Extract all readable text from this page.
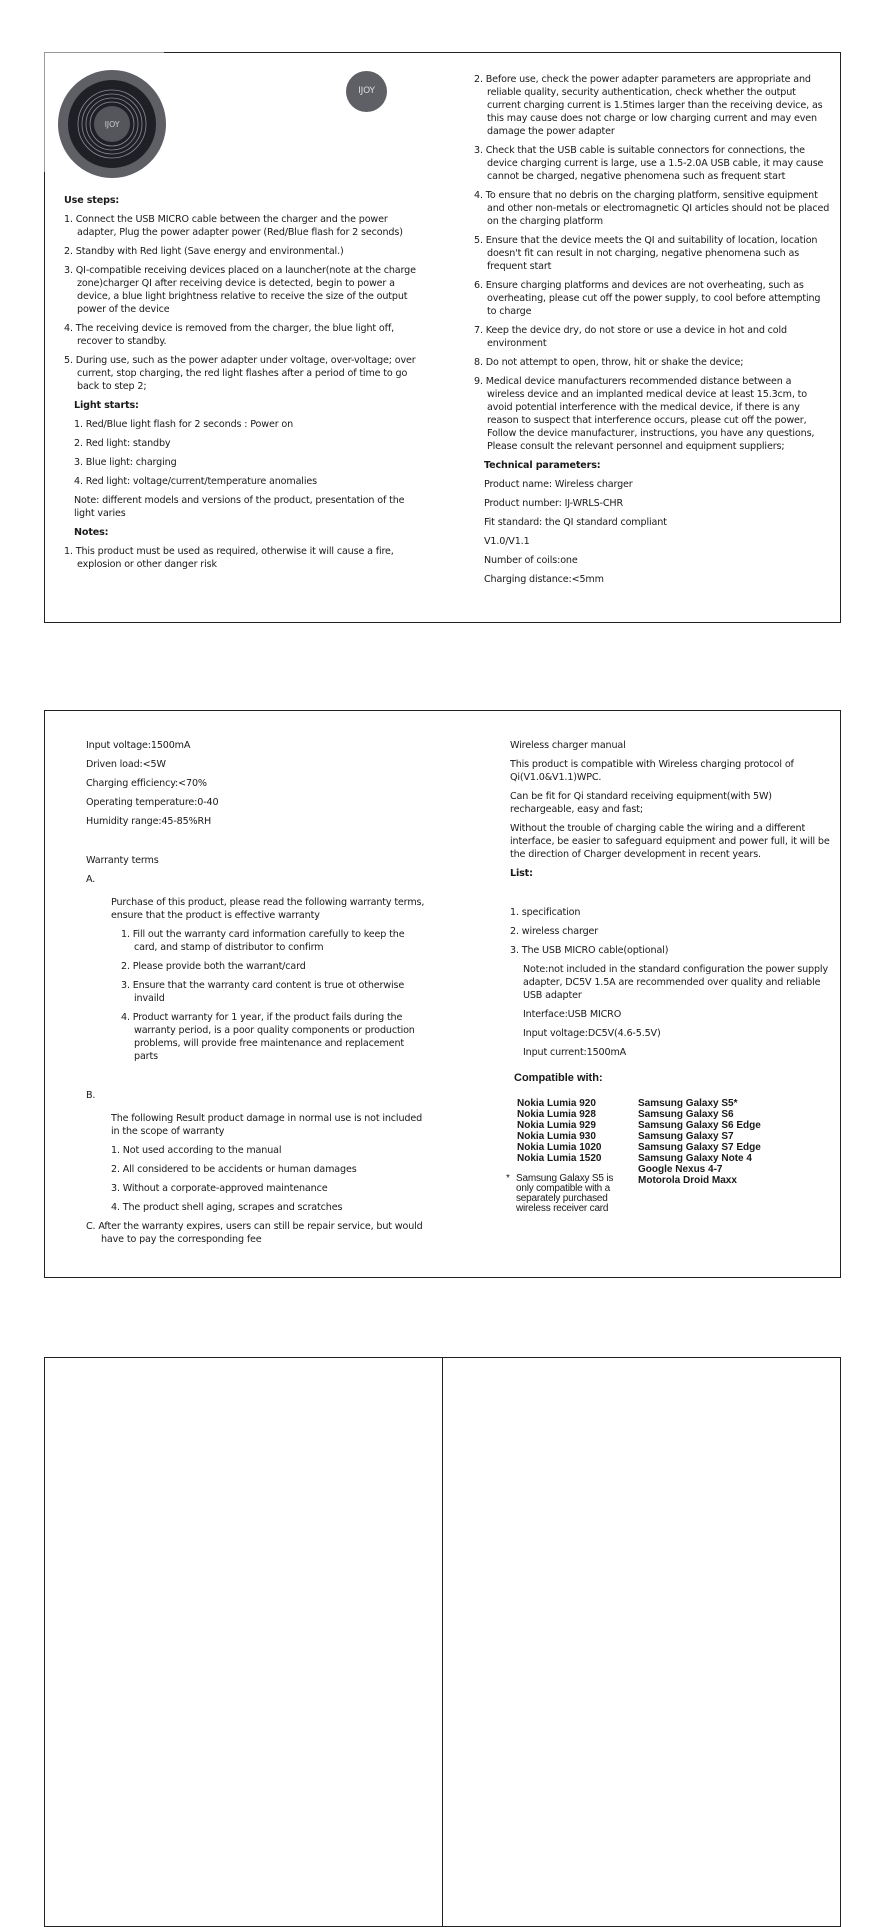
IJOY
IJOY
Use steps:
1. Connect the USB MICRO cable between the charger and the power adapter, Plug the power adapter power (Red/Blue flash for 2 seconds)
2. Standby with Red light (Save energy and environmental.)
3. QI-compatible receiving devices placed on a launcher(note at the charge zone)charger QI after receiving device is detected, begin to power a device, a blue light brightness relative to receive the size of the output power of the device
4. The receiving device is removed from the charger, the blue light off, recover to standby.
5. During use, such as the power adapter under voltage, over-voltage; over current, stop charging, the red light flashes after a period of time to go back to step 2;
Light starts:
1. Red/Blue light flash for 2 seconds : Power on
2. Red light: standby
3. Blue light: charging
4. Red light: voltage/current/temperature anomalies

Note: different models and versions of the product, presentation of the light varies

Notes:
1. This product must be used as required, otherwise it will cause a fire, explosion or other danger risk
2. Before use, check the power adapter parameters are appropriate and reliable quality, security authentication, check whether the output current charging current is 1.5times larger than the receiving device, as this may cause does not charge or low charging current and may even damage the power adapter
3. Check that the USB cable is suitable connectors for connections, the device charging current is large, use a 1.5-2.0A USB cable, it may cause cannot be charged, negative phenomena such as frequent start
4. To ensure that no debris on the charging platform, sensitive equipment and other non-metals or electromagnetic QI articles should not be placed on the charging platform
5. Ensure that the device meets the QI and suitability of location, location doesn't fit can result in not charging, negative phenomena such as frequent start
6. Ensure charging platforms and devices are not overheating, such as overheating, please cut off the power supply, to cool before attempting to charge
7. Keep the device dry, do not store or use a device in hot and cold environment
8. Do not attempt to open, throw, hit or shake the device;
9. Medical device manufacturers recommended distance between a wireless device and an implanted medical device at least 15.3cm, to avoid potential interference with the medical device, if there is any reason to suspect that interference occurs, please cut off the power, Follow the device manufacturer, instructions, you have any questions, Please consult the relevant personnel and equipment suppliers;
Technical parameters:

Product name: Wireless charger

Product number: IJ-WRLS-CHR

Fit standard: the QI standard compliant

V1.0/V1.1

Number of coils:one

Charging distance:<5mm

Input voltage:1500mA

Driven load:<5W

Charging efficiency:<70%

Operating temperature:0-40

Humidity range:45-85%RH

Warranty terms

A.

Purchase of this product, please read the following warranty terms, ensure that the product is effective warranty

1. Fill out the warranty card information carefully to keep the card, and stamp of distributor to confirm
2. Please provide both the warrant/card
3. Ensure that the warranty card content is true ot otherwise invaild
4. Product warranty for 1 year, if the product fails during the warranty period, is a poor quality components or production problems, will provide free maintenance and replacement parts

B.

The following Result product damage in normal use is not included in the scope of warranty

1. Not used according to the manual
2. All considered to be accidents or human damages
3. Without a corporate-approved maintenance
4. The product shell aging, scrapes and scratches
C. After the warranty expires, users can still be repair service, but would have to pay the corresponding fee

Wireless charger manual

This product is compatible with Wireless charging protocol of Qi(V1.0&V1.1)WPC.

Can be fit for Qi standard receiving equipment(with 5W) rechargeable, easy and fast;

Without the trouble of charging cable the wiring and a different interface, be easier to safeguard equipment and power full, it will be the direction of Charger development in recent years.

List:

1. specification

2. wireless charger

3. The USB MICRO cable(optional)

Note:not included in the standard configuration the power supply adapter, DC5V 1.5A are recommended over quality and reliable USB adapter

Interface:USB MICRO

Input voltage:DC5V(4.6-5.5V)

Input current:1500mA

Compatible with:
Nokia Lumia 920
Nokia Lumia 928
Nokia Lumia 929
Nokia Lumia 930
Nokia Lumia 1020
Nokia Lumia 1520
Samsung Galaxy S5*
Samsung Galaxy S6
Samsung Galaxy S6 Edge
Samsung Galaxy S7
Samsung Galaxy S7 Edge
Samsung Galaxy Note 4
Google Nexus 4-7
Motorola Droid Maxx
* Samsung Galaxy S5 is only compatible with a separately purchased wireless receiver card
